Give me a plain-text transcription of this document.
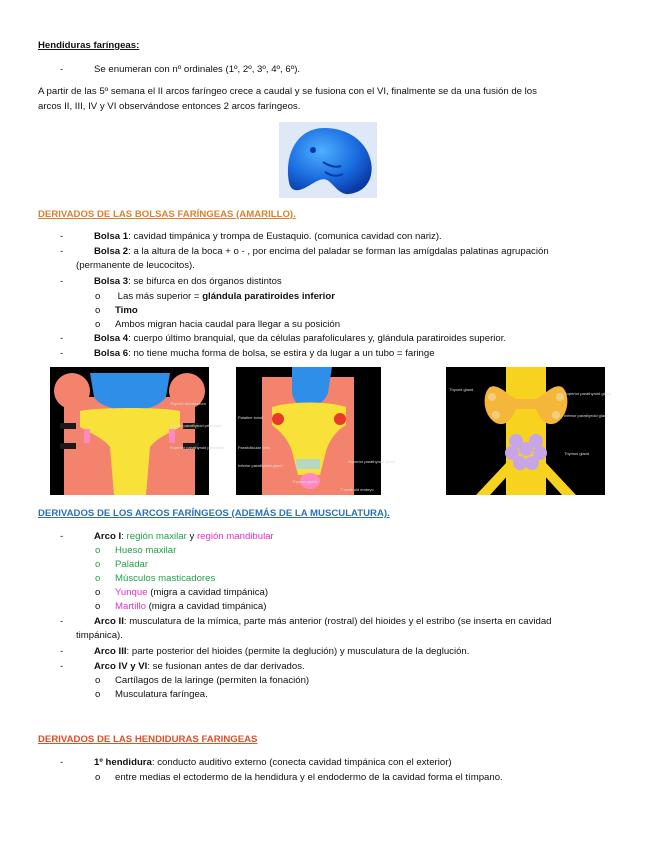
Hendiduras faríngeas:
-	Se enumeran con nº ordinales (1º, 2º, 3º, 4º, 6º).
A partir de las 5º semana el II arcos faríngeo crece a caudal y se fusiona con el VI, finalmente se da una fusión de los
arcos II, III, IV y VI observándose entonces 2 arcos faríngeos.
DERIVADOS DE LAS BOLSAS FARÍNGEAS (AMARILLO).
-	Bolsa 1: cavidad timpánica y trompa de Eustaquio. (comunica cavidad con nariz).
-	Bolsa 2: a la altura de la boca + o - , por encima del paladar se forman las amígdalas palatinas agrupación
(permanente de leucocitos).
-	Bolsa 3: se bifurca en dos órganos distintos
o Las más superior = glándula paratiroides inferior
o Timo
o Ambos migran hacia caudal para llegar a su posición
-	Bolsa 4: cuerpo último branquial, que da células parafoliculares y, glándula paratiroides superior.
-	Bolsa 6: no tiene mucha forma de bolsa, se estira y da lugar a un tubo = faringe
Thyroid diverticulum
Inferior parathyroid primordia
Superior parathyroid primordia
Palatine tonsil
Parafollicular cells
Inferior parathyroid gland
Thymus gland
Superior parathyroid gland
7 week old embryo
Thyroid gland
Superior parathyroid gland
Inferior parathyroid gland
Thymus gland
DERIVADOS DE LOS ARCOS FARÍNGEOS (ADEMÁS DE LA MUSCULATURA).
-	Arco I: región maxilar y región mandibular
o Hueso maxilar
o Paladar
o Músculos masticadores
o Yunque (migra a cavidad timpánica)
o Martillo (migra a cavidad timpánica)
-	Arco II: musculatura de la mímica, parte más anterior (rostral) del hioides y el estribo (se inserta en cavidad
timpánica).
-	Arco III: parte posterior del hioides (permite la deglución) y musculatura de la deglución.
-	Arco IV y VI: se fusionan antes de dar derivados.
o Cartílagos de la laringe (permiten la fonación)
o Musculatura faríngea.
DERIVADOS DE LAS HENDIDURAS FARINGEAS
-	1º hendidura: conducto auditivo externo (conecta cavidad timpánica con el exterior)
o entre medias el ectodermo de la hendidura y el endodermo de la cavidad forma el tímpano.
